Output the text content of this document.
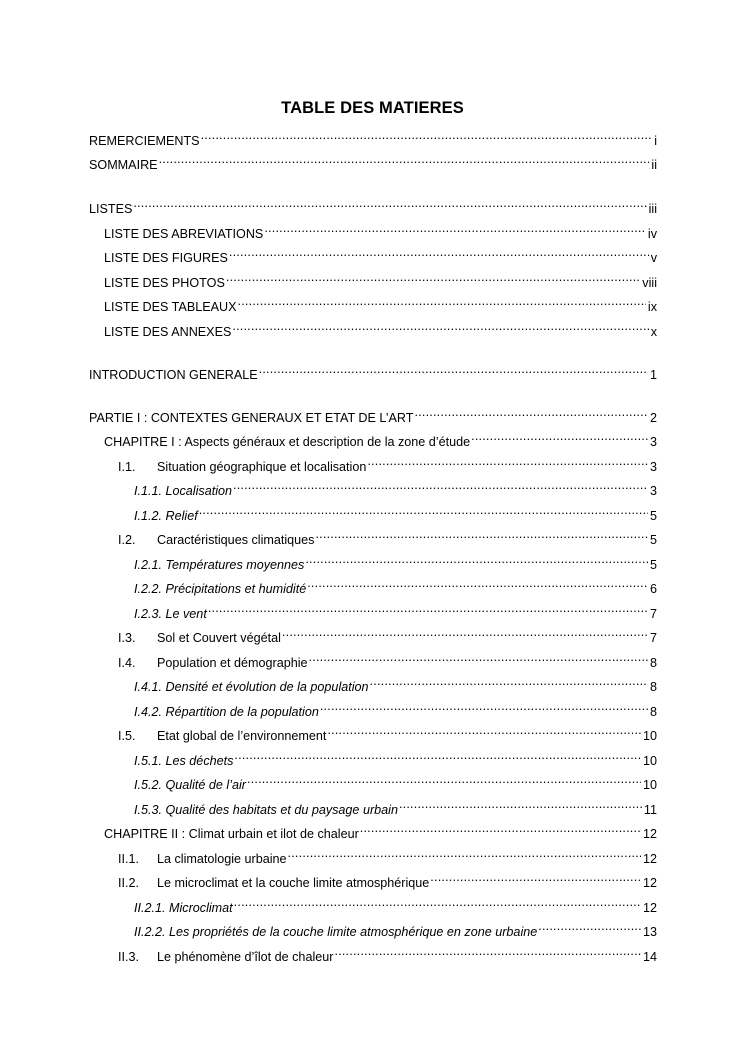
TABLE DES MATIERES
REMERCIEMENTS .....	i
SOMMAIRE .....	ii
LISTES .....	iii
LISTE DES ABREVIATIONS .....	iv
LISTE DES FIGURES .....	v
LISTE DES PHOTOS .....	viii
LISTE DES TABLEAUX .....	ix
LISTE DES ANNEXES .....	x
INTRODUCTION GENERALE .....	1
PARTIE I : CONTEXTES GENERAUX ET ETAT DE L’ART .....	2
CHAPITRE I : Aspects généraux et description de la zone d’étude .....	3
I.1.	Situation géographique et localisation .....	3
I.1.1. Localisation .....	3
I.1.2. Relief .....	5
I.2.	Caractéristiques climatiques .....	5
I.2.1. Températures moyennes .....	5
I.2.2. Précipitations et humidité .....	6
I.2.3. Le vent .....	7
I.3.	Sol et Couvert végétal .....	7
I.4.	Population et démographie .....	8
I.4.1. Densité et évolution de la population .....	8
I.4.2. Répartition de la population .....	8
I.5.	Etat global de l’environnement .....	10
I.5.1. Les déchets .....	10
I.5.2. Qualité de l’air .....	10
I.5.3. Qualité des habitats et du paysage urbain .....	11
CHAPITRE II : Climat urbain et ilot de chaleur .....	12
II.1.	La climatologie urbaine .....	12
II.2.	Le microclimat et la couche limite atmosphérique .....	12
II.2.1. Microclimat .....	12
II.2.2. Les propriétés de la couche limite atmosphérique en zone urbaine .....	13
II.3.	Le phénomène d’îlot de chaleur .....	14
